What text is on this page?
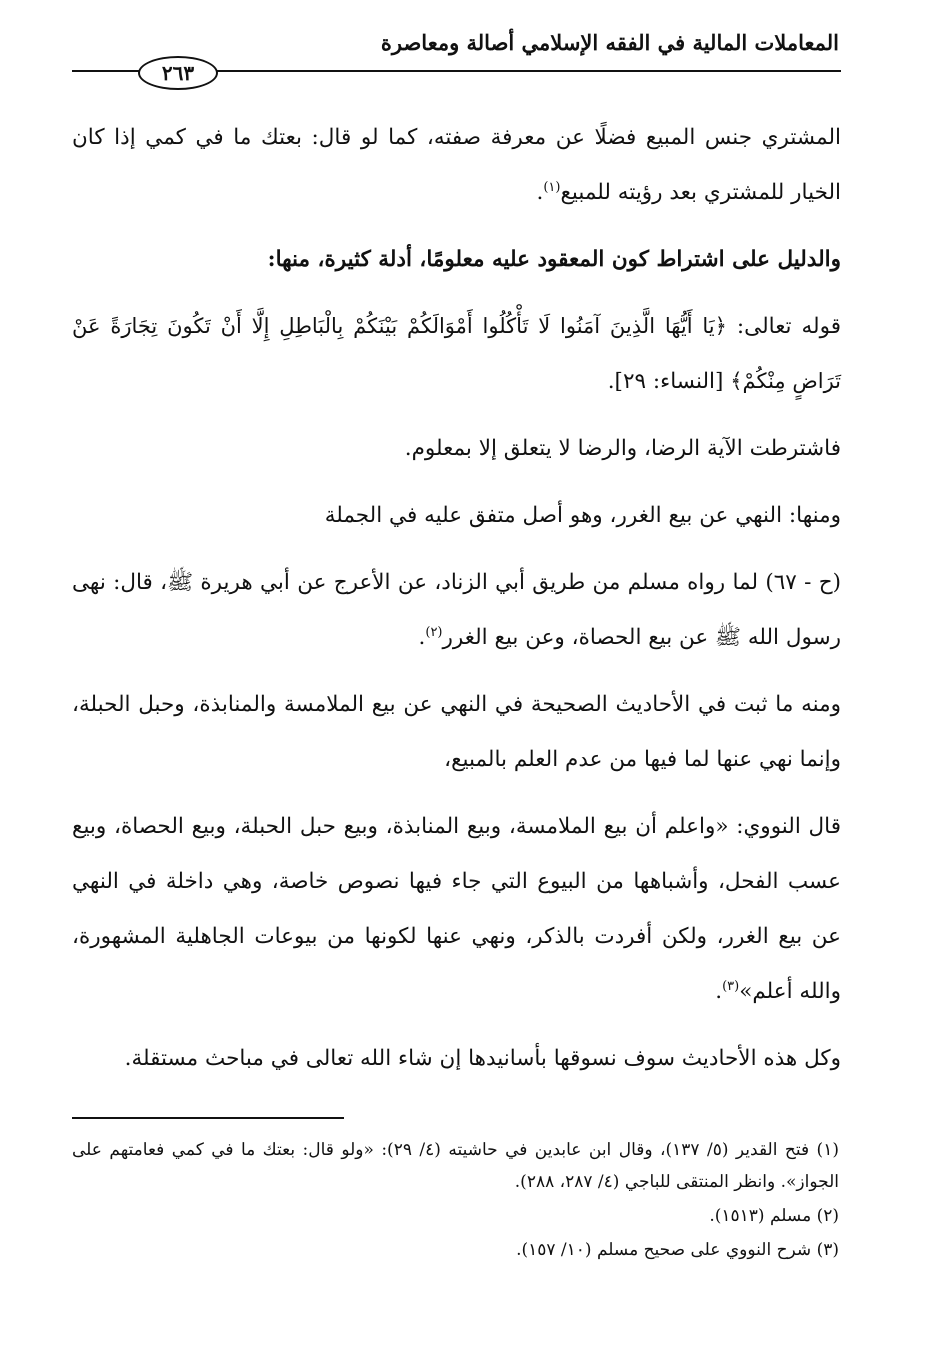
المعاملات المالية في الفقه الإسلامي أصالة ومعاصرة
٢٦٣

المشتري جنس المبيع فضلًا عن معرفة صفته، كما لو قال: بعتك ما في كمي إذا كان الخيار للمشتري بعد رؤيته للمبيع$^{(١)}$.

والدليل على اشتراط كون المعقود عليه معلومًا، أدلة كثيرة، منها:

قوله تعالى: ﴿يَا أَيُّهَا الَّذِينَ آمَنُوا لَا تَأْكُلُوا أَمْوَالَكُمْ بَيْنَكُمْ بِالْبَاطِلِ إِلَّا أَنْ تَكُونَ تِجَارَةً عَنْ تَرَاضٍ مِنْكُمْ﴾ [النساء: ٢٩].

فاشترطت الآية الرضا، والرضا لا يتعلق إلا بمعلوم.

ومنها: النهي عن بيع الغرر، وهو أصل متفق عليه في الجملة

(ح - ٦٧) لما رواه مسلم من طريق أبي الزناد، عن الأعرج عن أبي هريرة ﷺ، قال: نهى رسول الله ﷺ عن بيع الحصاة، وعن بيع الغرر$^{(٢)}$.

ومنه ما ثبت في الأحاديث الصحيحة في النهي عن بيع الملامسة والمنابذة، وحبل الحبلة، وإنما نهي عنها لما فيها من عدم العلم بالمبيع،

قال النووي: «واعلم أن بيع الملامسة، وبيع المنابذة، وبيع حبل الحبلة، وبيع الحصاة، وبيع عسب الفحل، وأشباهها من البيوع التي جاء فيها نصوص خاصة، وهي داخلة في النهي عن بيع الغرر، ولكن أفردت بالذكر، ونهي عنها لكونها من بيوعات الجاهلية المشهورة، والله أعلم»$^{(٣)}$.

وكل هذه الأحاديث سوف نسوقها بأسانيدها إن شاء الله تعالى في مباحث مستقلة.

(١) فتح القدير (٥/ ١٣٧)، وقال ابن عابدين في حاشيته (٤/ ٢٩): «ولو قال: بعتك ما في كمي فعامتهم على الجواز». وانظر المنتقى للباجي (٤/ ٢٨٧، ٢٨٨).

(٢) مسلم (١٥١٣).

(٣) شرح النووي على صحيح مسلم (١٠/ ١٥٧).
